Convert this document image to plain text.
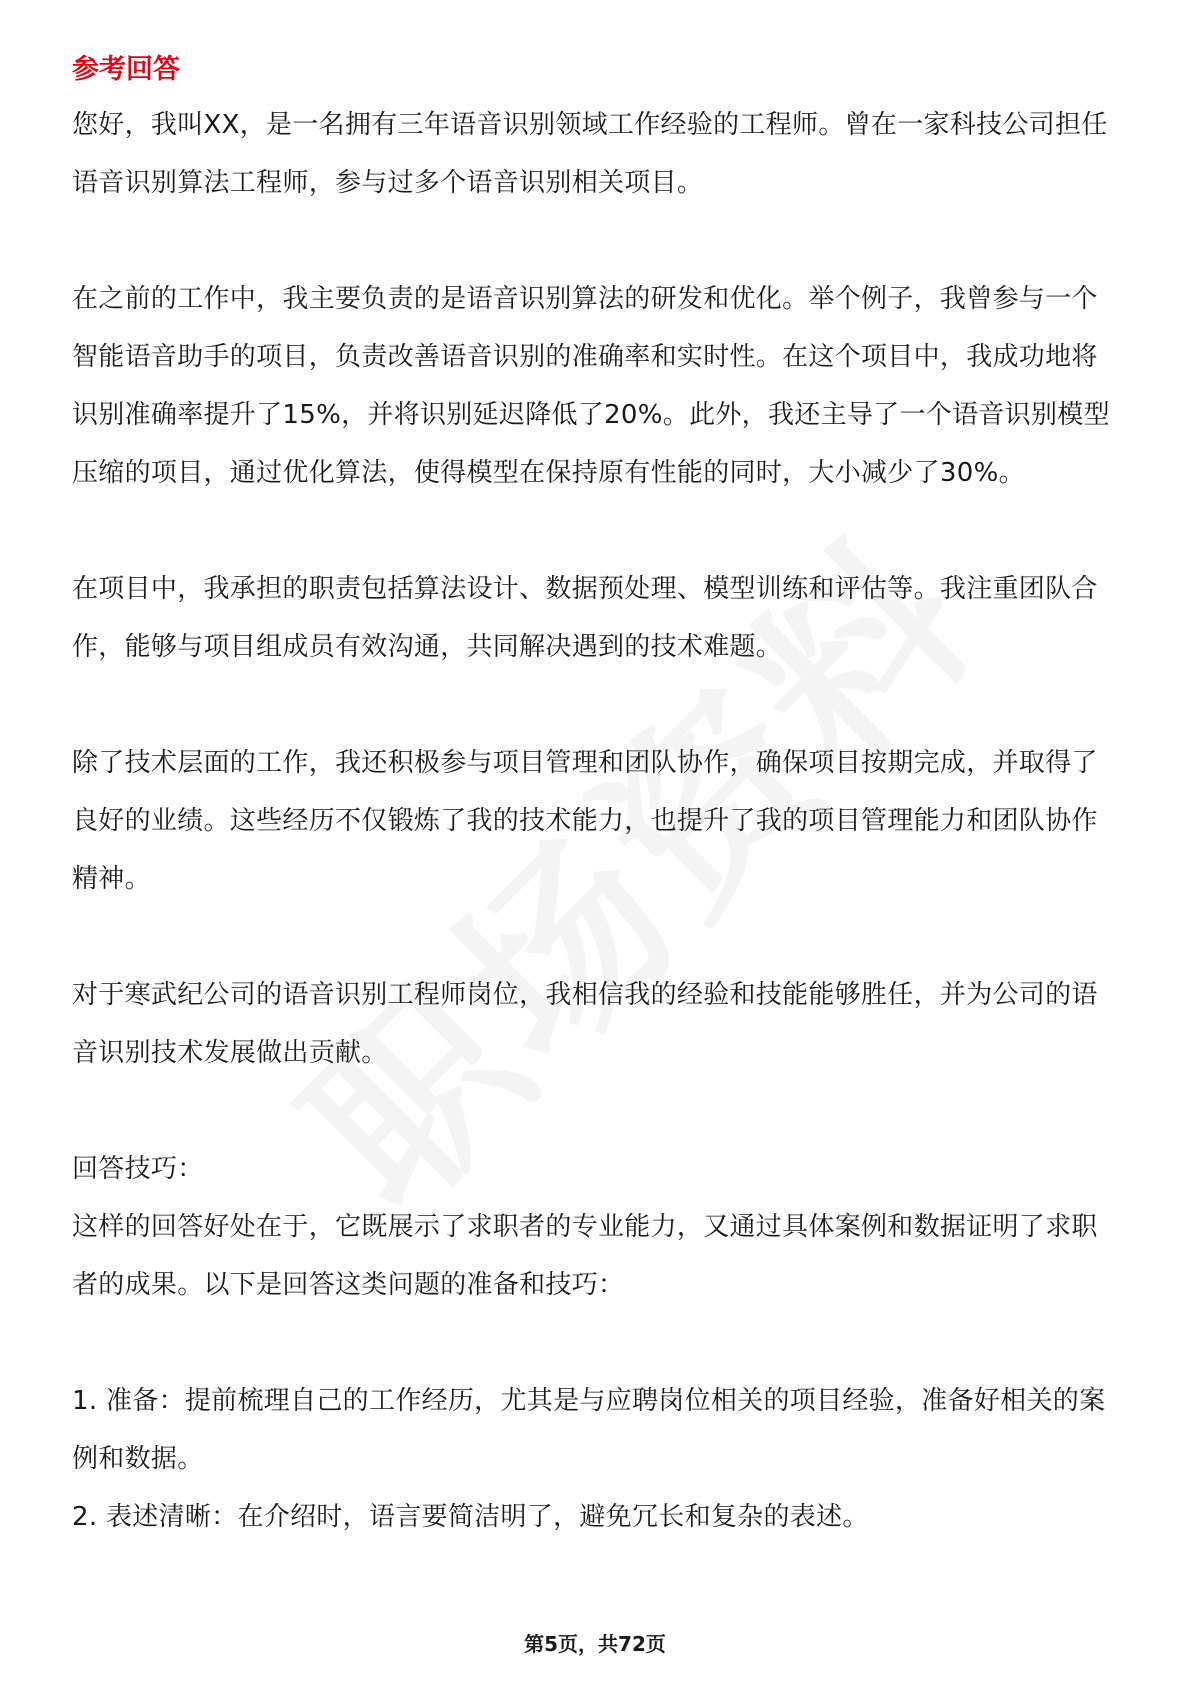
参考回答

您好，我叫XX，是一名拥有三年语音识别领域工作经验的工程师。曾在一家科技公司担任语音识别算法工程师，参与过多个语音识别相关项目。

在之前的工作中，我主要负责的是语音识别算法的研发和优化。举个例子，我曾参与一个智能语音助手的项目，负责改善语音识别的准确率和实时性。在这个项目中，我成功地将识别准确率提升了15%，并将识别延迟降低了20%。此外，我还主导了一个语音识别模型压缩的项目，通过优化算法，使得模型在保持原有性能的同时，大小减少了30%。

在项目中，我承担的职责包括算法设计、数据预处理、模型训练和评估等。我注重团队合作，能够与项目组成员有效沟通，共同解决遇到的技术难题。

除了技术层面的工作，我还积极参与项目管理和团队协作，确保项目按期完成，并取得了良好的业绩。这些经历不仅锻炼了我的技术能力，也提升了我的项目管理能力和团队协作精神。

对于寒武纪公司的语音识别工程师岗位，我相信我的经验和技能能够胜任，并为公司的语音识别技术发展做出贡献。

回答技巧：

这样的回答好处在于，它既展示了求职者的专业能力，又通过具体案例和数据证明了求职者的成果。以下是回答这类问题的准备和技巧：

1. 准备：提前梳理自己的工作经历，尤其是与应聘岗位相关的项目经验，准备好相关的案例和数据。

2. 表述清晰：在介绍时，语言要简洁明了，避免冗长和复杂的表述。

第5页，共72页
